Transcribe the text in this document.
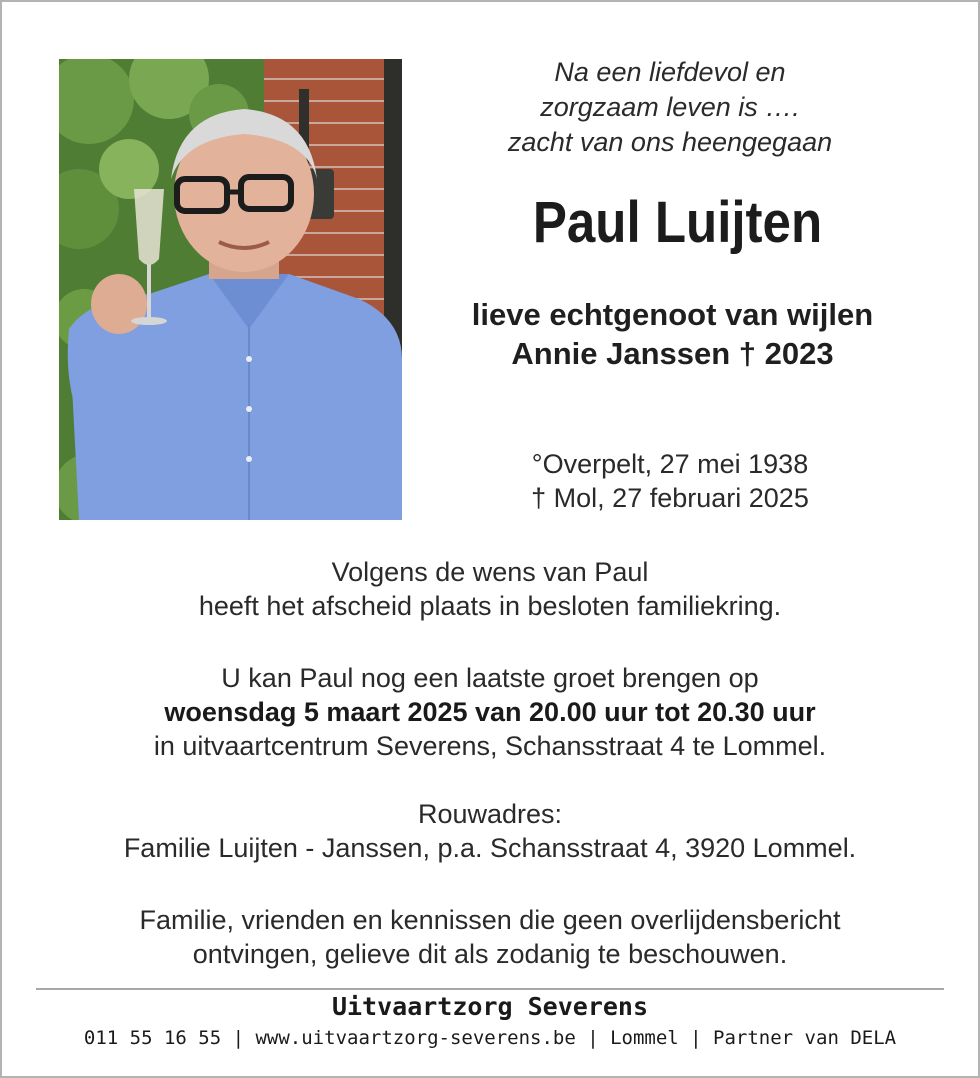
Na een liefdevol en
zorgzaam leven is ….
zacht van ons heengegaan
Paul Luijten
lieve echtgenoot van wijlen
Annie Janssen † 2023
°Overpelt, 27 mei 1938
† Mol, 27 februari 2025
Volgens de wens van Paul
heeft het afscheid plaats in besloten familiekring.
U kan Paul nog een laatste groet brengen op
woensdag 5 maart 2025 van 20.00 uur tot 20.30 uur
in uitvaartcentrum Severens, Schansstraat 4 te Lommel.
Rouwadres:
Familie Luijten - Janssen, p.a. Schansstraat 4, 3920 Lommel.
Familie, vrienden en kennissen die geen overlijdensbericht
ontvingen, gelieve dit als zodanig te beschouwen.
Uitvaartzorg Severens
011 55 16 55 | www.uitvaartzorg-severens.be | Lommel | Partner van DELA
